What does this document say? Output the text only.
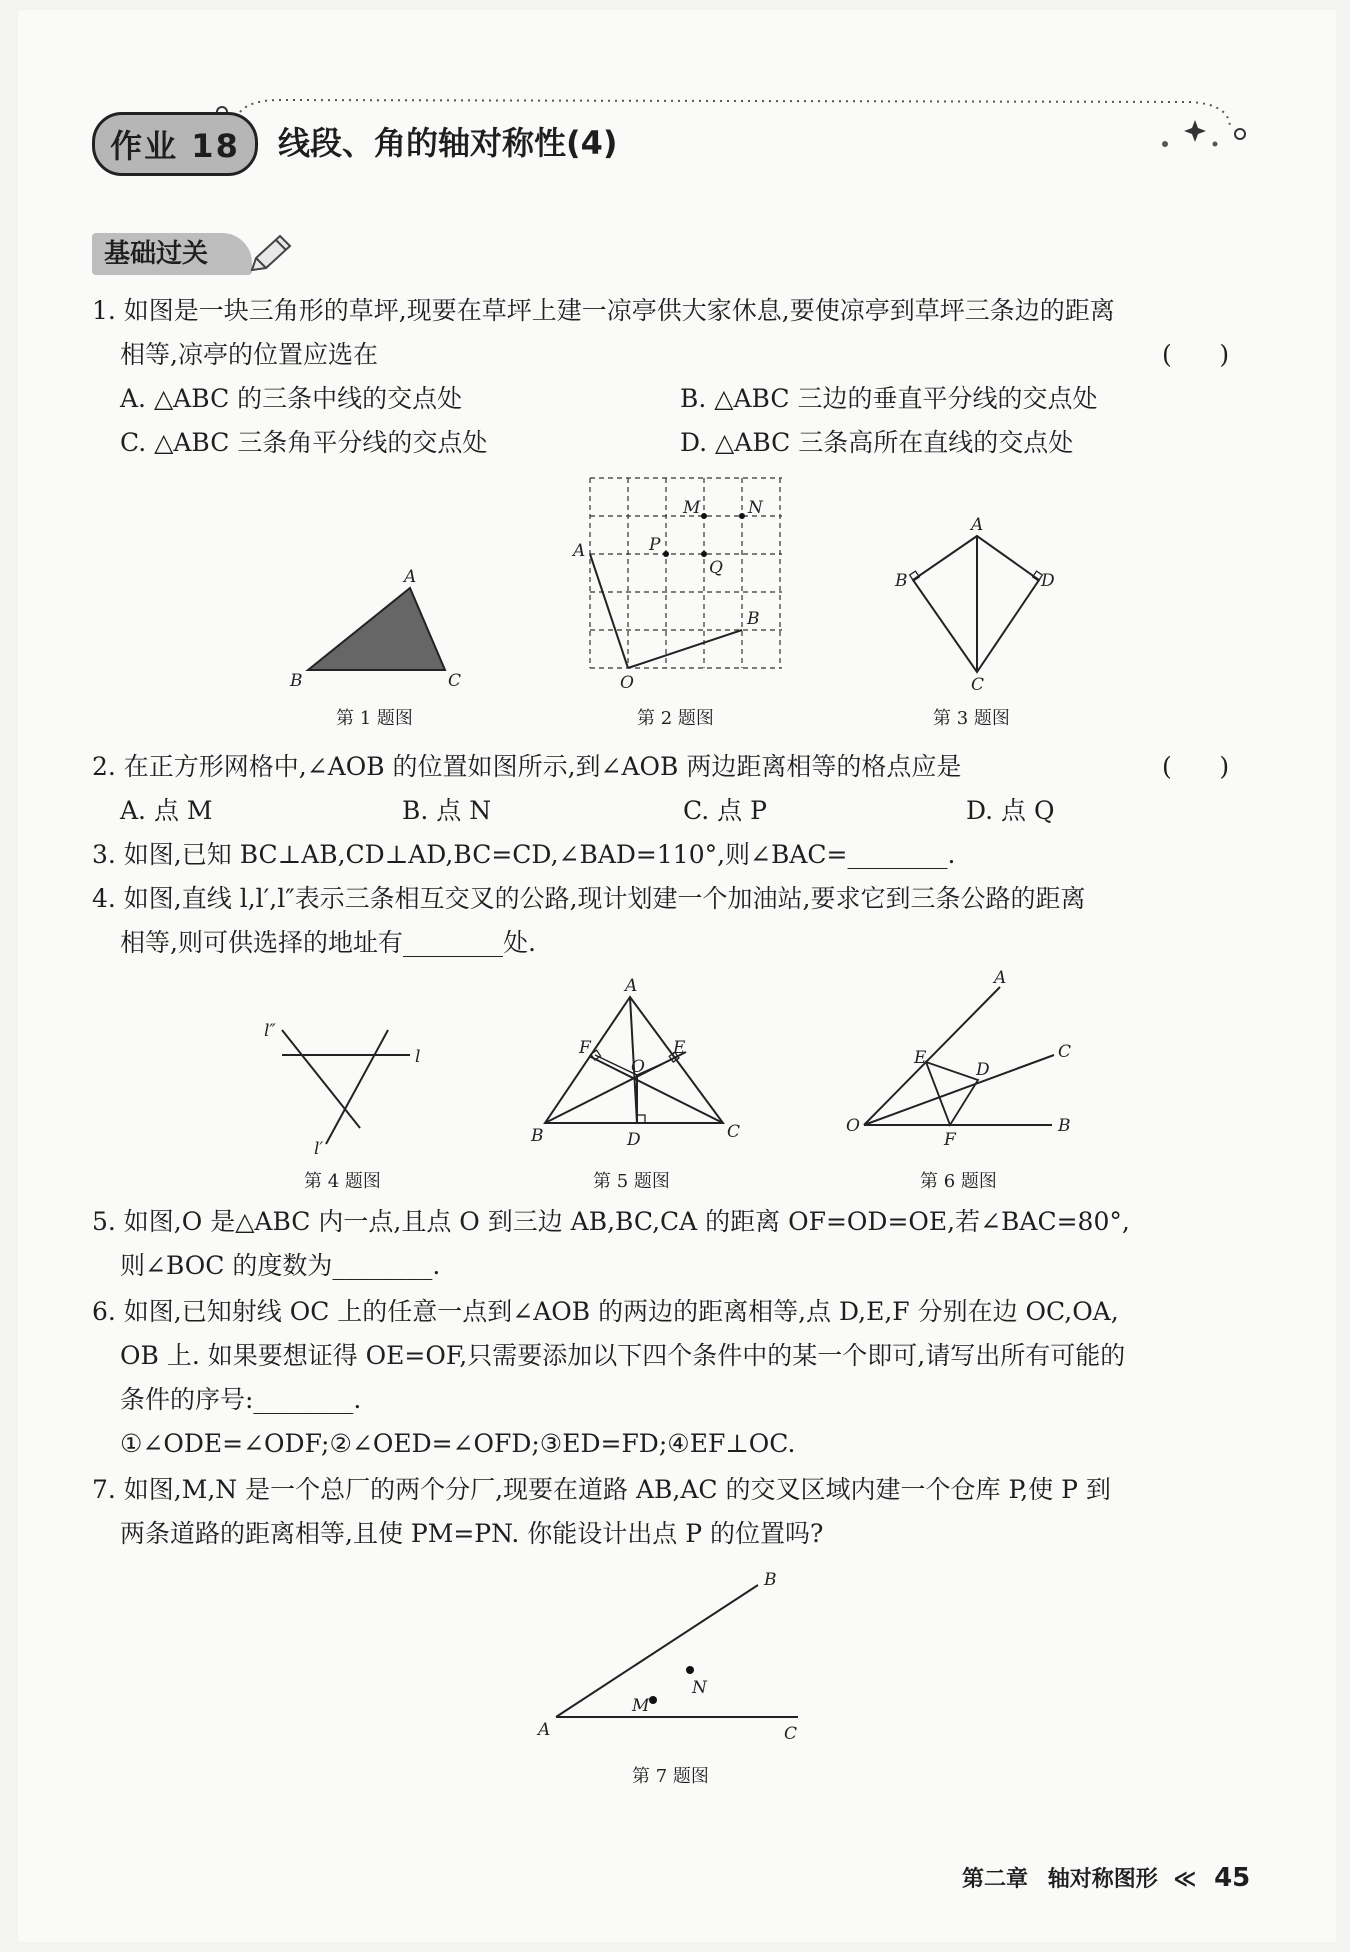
作业 18	线段、角的轴对称性(4)
基础过关
1. 如图是一块三角形的草坪,现要在草坪上建一凉亭供大家休息,要使凉亭到草坪三条边的距离
相等,凉亭的位置应选在	(      )
A. △ABC 的三条中线的交点处	B. △ABC 三边的垂直平分线的交点处
C. △ABC 三条角平分线的交点处	D. △ABC 三条高所在直线的交点处
A
B	C
第 1 题图
A
O
B
M	N
P
Q
第 2 题图
A
B
C
D
第 3 题图
2. 在正方形网格中,∠AOB 的位置如图所示,到∠AOB 两边距离相等的格点应是	(      )
A. 点 M	B. 点 N	C. 点 P	D. 点 Q
3. 如图,已知 BC⊥AB,CD⊥AD,BC=CD,∠BAD=110°,则∠BAC=________.
4. 如图,直线 l,l′,l″表示三条相互交叉的公路,现计划建一个加油站,要求它到三条公路的距离
相等,则可供选择的地址有________处.
l
l′
l″
第 4 题图
A
B	C
D
E
F
O
第 5 题图
A
B
C
D
E
F
O
第 6 题图
5. 如图,O 是△ABC 内一点,且点 O 到三边 AB,BC,CA 的距离 OF=OD=OE,若∠BAC=80°,
则∠BOC 的度数为________.
6. 如图,已知射线 OC 上的任意一点到∠AOB 的两边的距离相等,点 D,E,F 分别在边 OC,OA,
OB 上. 如果要想证得 OE=OF,只需要添加以下四个条件中的某一个即可,请写出所有可能的
条件的序号:________.
①∠ODE=∠ODF;②∠OED=∠OFD;③ED=FD;④EF⊥OC.
7. 如图,M,N 是一个总厂的两个分厂,现要在道路 AB,AC 的交叉区域内建一个仓库 P,使 P 到
两条道路的距离相等,且使 PM=PN. 你能设计出点 P 的位置吗?
A
B
C
M
N
第 7 题图
第二章 轴对称图形 ≪ 45
